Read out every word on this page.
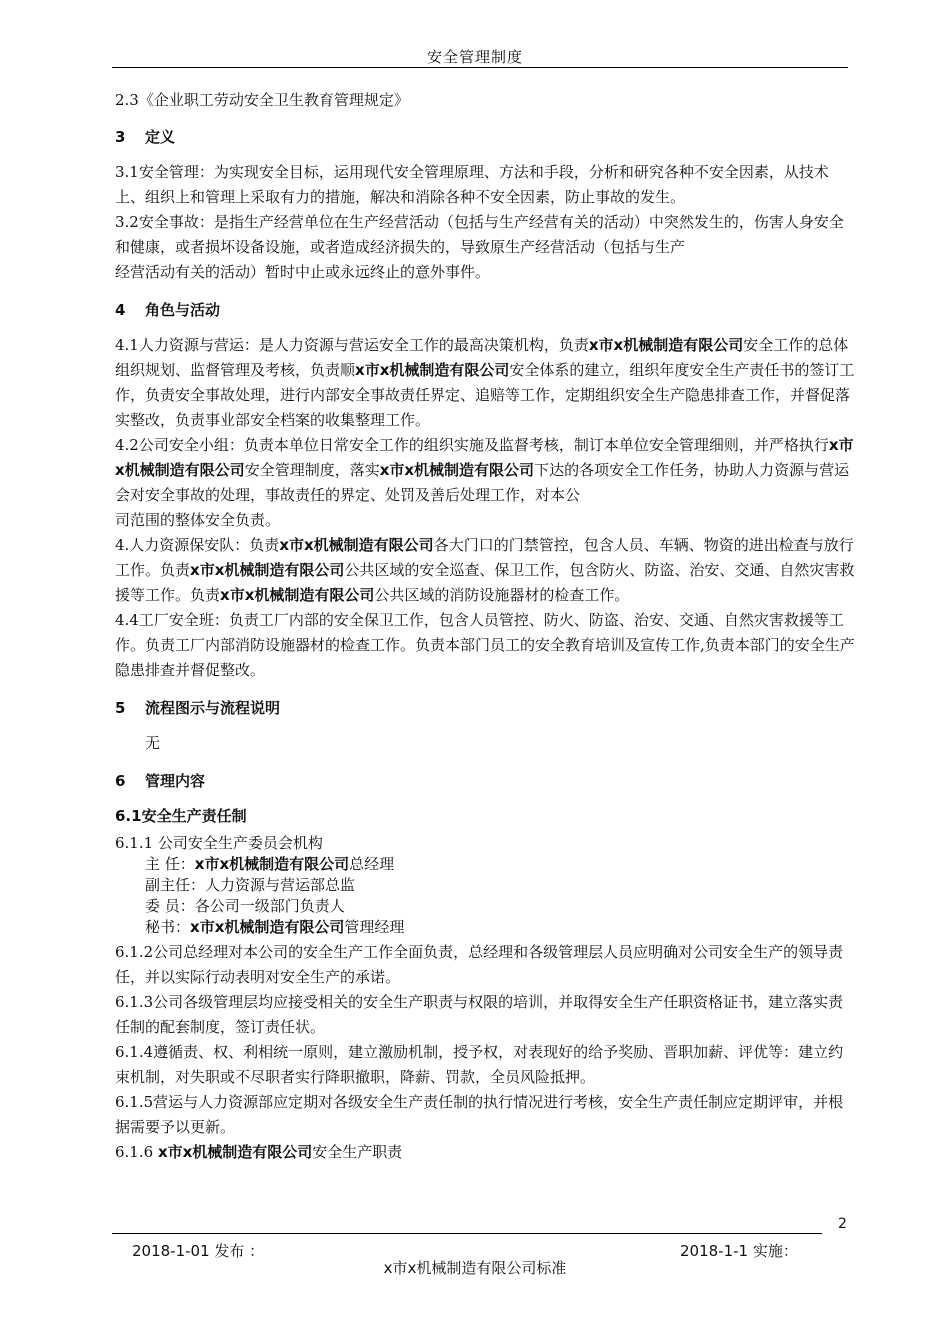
安全管理制度

2.3《企业职工劳动安全卫生教育管理规定》

3 定义

3.1安全管理：为实现安全目标，运用现代安全管理原理、方法和手段，分析和研究各种不安全因素，从技术上、组织上和管理上采取有力的措施，解决和消除各种不安全因素，防止事故的发生。

3.2安全事故：是指生产经营单位在生产经营活动（包括与生产经营有关的活动）中突然发生的，伤害人身安全和健康，或者损坏设备设施，或者造成经济损失的，导致原生产经营活动（包括与生产
经营活动有关的活动）暂时中止或永远终止的意外事件。

4 角色与活动

4.1人力资源与营运：是人力资源与营运安全工作的最高决策机构，负责x市x机械制造有限公司安全工作的总体组织规划、监督管理及考核，负责顺x市x机械制造有限公司安全体系的建立，组织年度安全生产责任书的签订工作，负责安全事故处理，进行内部安全事故责任界定、追赔等工作，定期组织安全生产隐患排查工作，并督促落实整改，负责事业部安全档案的收集整理工作。

4.2公司安全小组：负责本单位日常安全工作的组织实施及监督考核，制订本单位安全管理细则，并严格执行x市x机械制造有限公司安全管理制度，落实x市x机械制造有限公司下达的各项安全工作任务，协助人力资源与营运会对安全事故的处理，事故责任的界定、处罚及善后处理工作，对本公
司范围的整体安全负责。

4.人力资源保安队：负责x市x机械制造有限公司各大门口的门禁管控，包含人员、车辆、物资的进出检查与放行工作。负责x市x机械制造有限公司公共区域的安全巡查、保卫工作，包含防火、防盗、治安、交通、自然灾害救援等工作。负责x市x机械制造有限公司公共区域的消防设施器材的检查工作。

4.4工厂安全班：负责工厂内部的安全保卫工作，包含人员管控、防火、防盗、治安、交通、自然灾害救援等工作。负责工厂内部消防设施器材的检查工作。负责本部门员工的安全教育培训及宣传工作,负责本部门的安全生产隐患排查并督促整改。

5 流程图示与流程说明

无

6 管理内容

6.1安全生产责任制

6.1.1 公司安全生产委员会机构

主 任：x市x机械制造有限公司总经理

副主任：人力资源与营运部总监

委 员：各公司一级部门负责人

秘书：x市x机械制造有限公司管理经理

6.1.2公司总经理对本公司的安全生产工作全面负责，总经理和各级管理层人员应明确对公司安全生产的领导责任，并以实际行动表明对安全生产的承诺。

6.1.3公司各级管理层均应接受相关的安全生产职责与权限的培训，并取得安全生产任职资格证书，建立落实责任制的配套制度，签订责任状。

6.1.4遵循责、权、利相统一原则，建立激励机制，授予权，对表现好的给予奖励、晋职加薪、评优等：建立约束机制，对失职或不尽职者实行降职撤职，降薪、罚款，全员风险抵押。

6.1.5营运与人力资源部应定期对各级安全生产责任制的执行情况进行考核，安全生产责任制应定期评审，并根据需要予以更新。

6.1.6 x市x机械制造有限公司安全生产职责

2
2018-1-01 发布 ：	2018-1-1 实施：
x市x机械制造有限公司标准
